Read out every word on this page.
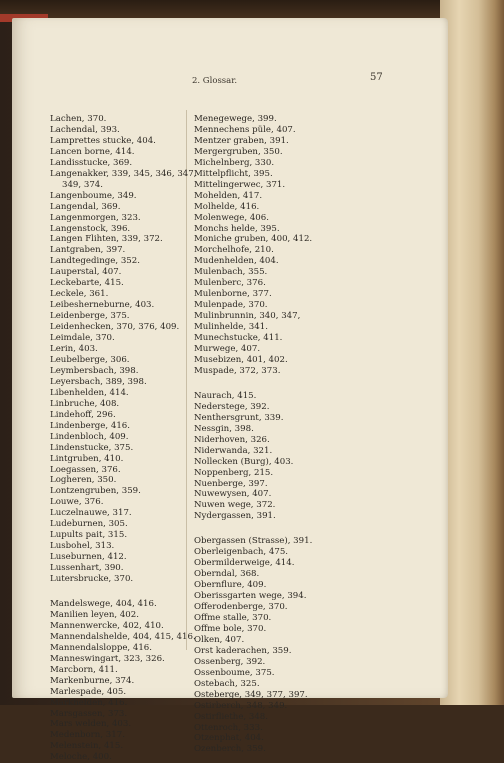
2. Glossar.	57
Lachen, 370.
Lachendal, 393.
Lamprettes stucke, 404.
Lancen borne, 414.
Landisstucke, 369.
Langenakker, 339, 345, 346, 347,
349, 374.
Langenboume, 349.
Langendal, 369.
Langenmorgen, 323.
Langenstock, 396.
Langen Flihten, 339, 372.
Lantgraben, 397.
Landtegedinge, 352.
Lauperstal, 407.
Leckebarte, 415.
Leckele, 361.
Leibesherneburne, 403.
Leidenberge, 375.
Leidenhecken, 370, 376, 409.
Leimdale, 370.
Lerin, 403.
Leubelberge, 306.
Leymbersbach, 398.
Leyersbach, 389, 398.
Libenhelden, 414.
Linbruche, 408.
Lindehoff, 296.
Lindenberge, 416.
Lindenbloch, 409.
Lindenstucke, 375.
Lintgruben, 410.
Loegassen, 376.
Logheren, 350.
Lontzengruben, 359.
Louwe, 376.
Luczelnauwe, 317.
Ludeburnen, 305.
Lupults pait, 315.
Lusbohel, 313.
Luseburnen, 412.
Lussenhart, 390.
Lutersbrucke, 370.
Mandelswege, 404, 416.
Manilien leyen, 402.
Mannenwercke, 402, 410.
Mannendalshelde, 404, 415, 416.
Mannendalsloppe, 416.
Manneswingart, 323, 326.
Marcborn, 411.
Markenburne, 374.
Marlespade, 405.
Markhelden, 416.
Marsgassen, 373.
Mars welden, 403.
Medenborn, 317.
Melenstein, 415.
Meloche, 400.
Menegewege, 399.
Mennechens püle, 407.
Mentzer graben, 391.
Mergergruben, 350.
Michelnberg, 330.
Mittelpflicht, 395.
Mittelingerwec, 371.
Mohelden, 417.
Molhelde, 416.
Molenwege, 406.
Monchs helde, 395.
Moniche gruben, 400, 412.
Morchelhofe, 210.
Mudenhelden, 404.
Mulenbach, 355.
Mulenberc, 376.
Mulenborne, 377.
Mulenpade, 370.
Mulinbrunnin, 340, 347,
Mulinhelde, 341.
Munechstucke, 411.
Murwege, 407.
Musebizen, 401, 402.
Muspade, 372, 373.
Naurach, 415.
Nederstege, 392.
Nenthersgrunt, 339.
Nessgin, 398.
Niderhoven, 326.
Niderwanda, 321.
Nollecken (Burg), 403.
Noppenberg, 215.
Nuenberge, 397.
Nuwewysen, 407.
Nuwen wege, 372.
Nydergassen, 391.
Obergassen (Strasse), 391.
Oberleigenbach, 475.
Obermilderweige, 414.
Oberndal, 368.
Obernflure, 409.
Oberissgarten wege, 394.
Offerodenberge, 370.
Offme stalle, 370.
Offme bole, 370.
Olken, 407.
Orst kaderachen, 359.
Ossenberg, 392.
Ossenboume, 375.
Ostebach, 325.
Osteberge, 349, 377, 397.
Ostirberch, 348, 349.
Ostirfliethe, 348.
Ottenroch, 333.
Otzenphat, 404.
Ozenberch, 359.
